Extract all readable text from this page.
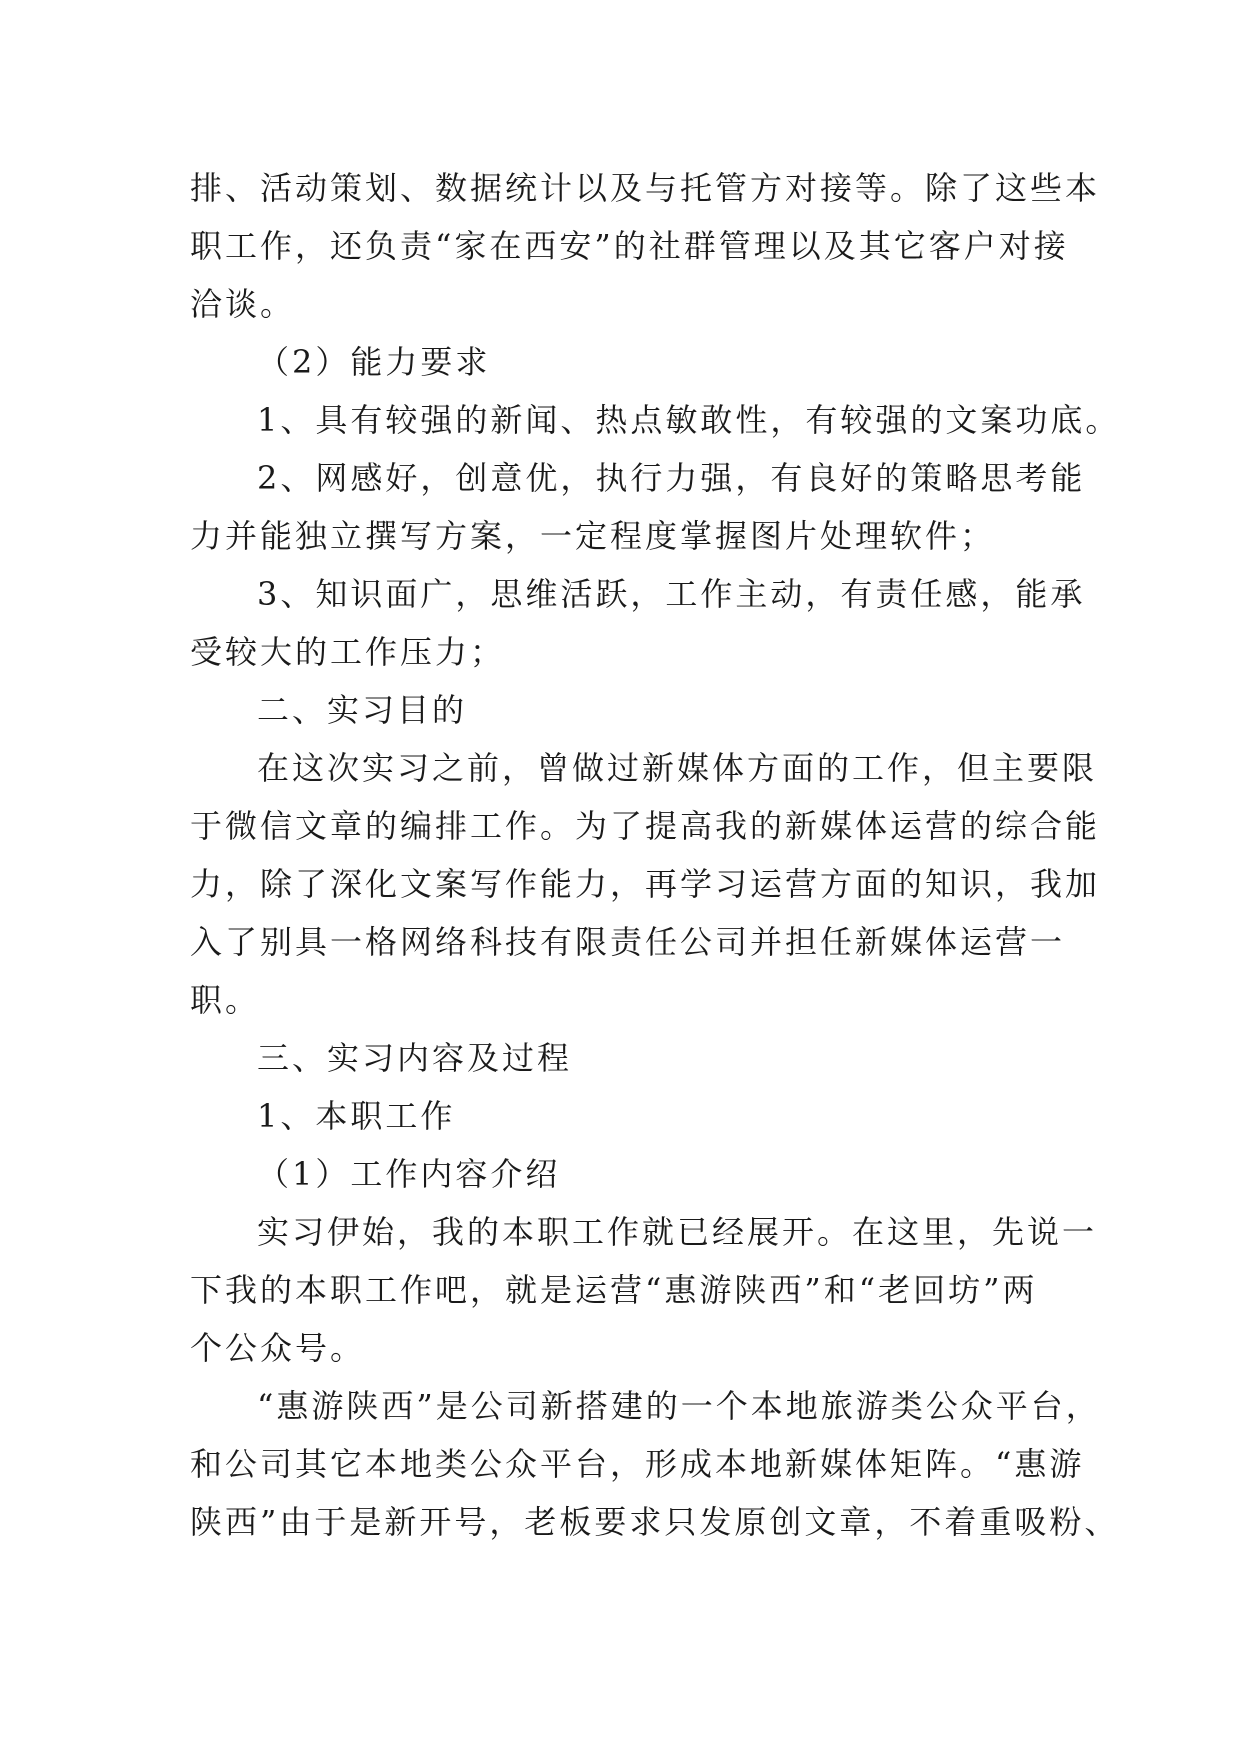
排、活动策划、数据统计以及与托管方对接等。除了这些本
职工作，还负责“家在西安”的社群管理以及其它客户对接
洽谈。
（2）能力要求
1、具有较强的新闻、热点敏敢性，有较强的文案功底。
2、网感好，创意优，执行力强，有良好的策略思考能
力并能独立撰写方案，一定程度掌握图片处理软件；
3、知识面广，思维活跃，工作主动，有责任感，能承
受较大的工作压力；
二、实习目的
在这次实习之前，曾做过新媒体方面的工作，但主要限
于微信文章的编排工作。为了提高我的新媒体运营的综合能
力，除了深化文案写作能力，再学习运营方面的知识，我加
入了别具一格网络科技有限责任公司并担任新媒体运营一
职。
三、实习内容及过程
1、本职工作
（1）工作内容介绍
实习伊始，我的本职工作就已经展开。在这里，先说一
下我的本职工作吧，就是运营“惠游陕西”和“老回坊”两
个公众号。
“惠游陕西”是公司新搭建的一个本地旅游类公众平台，
和公司其它本地类公众平台，形成本地新媒体矩阵。“惠游
陕西”由于是新开号，老板要求只发原创文章，不着重吸粉、
